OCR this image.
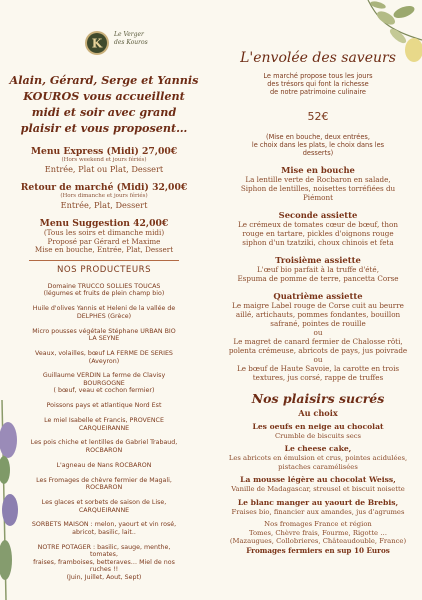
K
Le Verger
des Kouros
Alain, Gérard, Serge et Yannis
KOUROS vous accueillent
midi et soir avec grand
plaisir et vous proposent…
Menu Express (Midi) 27,00€
(Hors weekend et jours fériés)
Entrée, Plat ou Plat, Dessert
Retour de marché (Midi) 32,00€
(Hors dimanche et jours fériés)
Entrée, Plat, Dessert
Menu Suggestion 42,00€
(Tous les soirs et dimanche midi)
Proposé par Gérard et Maxime
Mise en bouche, Entrée, Plat, Dessert
NOS PRODUCTEURS
Domaine TRUCCO SOLLIES TOUCAS
(légumes et fruits de plein champ bio)
Huile d'olives Yannis et Heleni de la vallée de
DELPHES (Grèce)
Micro pousses végétale Stéphane URBAN BIO
LA SEYNE
Veaux, volailles, bœuf LA FERME DE SERIES
(Aveyron)
Guillaume VERDIN La ferme de Clavisy
BOURGOGNE
( bœuf, veau et cochon fermier)
Poissons pays et atlantique Nord Est
Le miel Isabelle et Francis, PROVENCE
CARQUEIRANNE
Les pois chiche et lentilles de Gabriel Trabaud,
ROCBARON
L'agneau de Nans ROCBARON
Les Fromages de chèvre fermier de Magali,
ROCBARON
Les glaces et sorbets de saison de Lise,
CARQUEIRANNE
SORBETS MAISON : melon, yaourt et vin rosé,
abricot, basilic, lait..
NOTRE POTAGER : basilic, sauge, menthe,
tomates,
fraises, framboises, betteraves… Miel de nos
ruches !!
(Juin, Juillet, Aout, Sept)
L'envolée des saveurs
Le marché propose tous les jours
des trésors qui font la richesse
de notre patrimoine culinaire
52€
(Mise en bouche, deux entrées,
le choix dans les plats, le choix dans les
desserts)
Mise en bouche
La lentille verte de Rocbaron en salade,
Siphon de lentilles, noisettes torréfiées du
Piémont
Seconde assiette
Le crémeux de tomates cœur de bœuf, thon
rouge en tartare, pickles d'oignons rouge
siphon d'un tzatziki, choux chinois et feta
Troisième assiette
L'œuf bio parfait à la truffe d'été,
Espuma de pomme de terre, pancetta Corse
Quatrième assiette
Le maigre Label rouge de Corse cuit au beurre
aillé, artichauts, pommes fondantes, bouillon
safrané, pointes de rouille
ou
Le magret de canard fermier de Chalosse rôti,
polenta crémeuse, abricots de pays, jus poivrade
ou
Le bœuf de Haute Savoie, la carotte en trois
textures, jus corsé, rappe de truffes
Nos plaisirs sucrés
Au choix
Les oeufs en neige au chocolat
Crumble de biscuits secs
Le cheese cake,
Les abricots en émulsion et crus, pointes acidulées,
pistaches caramélisées
La mousse légère au chocolat Weiss,
Vanille de Madagascar, streusel et biscuit noisette
Le blanc manger au yaourt de Brebis,
Fraises bio, financier aux amandes, jus d'agrumes
Nos fromages France et région
Tomes, Chèvre frais, Fourme, Rigotte …
(Mazaugues, Collobrieres, Châteaudouble, France)
Fromages fermiers en sup 10 Euros
